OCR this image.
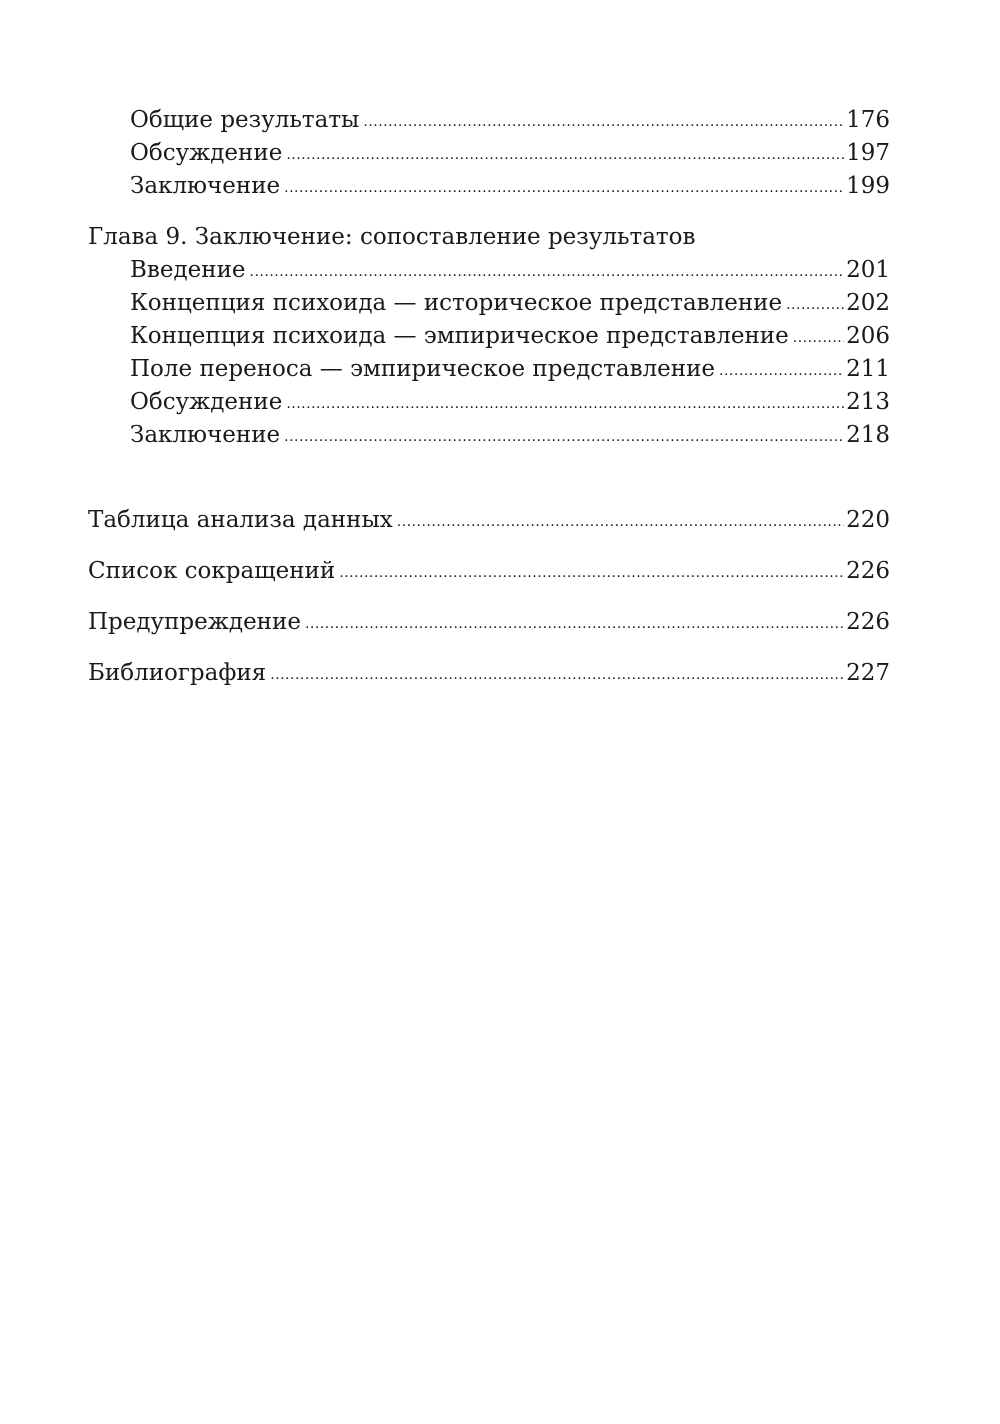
Общие результаты .....	176
Обсуждение .....	197
Заключение .....	199
Глава 9. Заключение: сопоставление результатов
Введение .....	201
Концепция психоида — историческое представление .....	202
Концепция психоида — эмпирическое представление ..... 206
Поле переноса — эмпирическое представление .....	211
Обсуждение .....	213
Заключение .....	218
Таблица анализа данных .....	220
Список сокращений .....	226
Предупреждение .....	226
Библиография .....	227
